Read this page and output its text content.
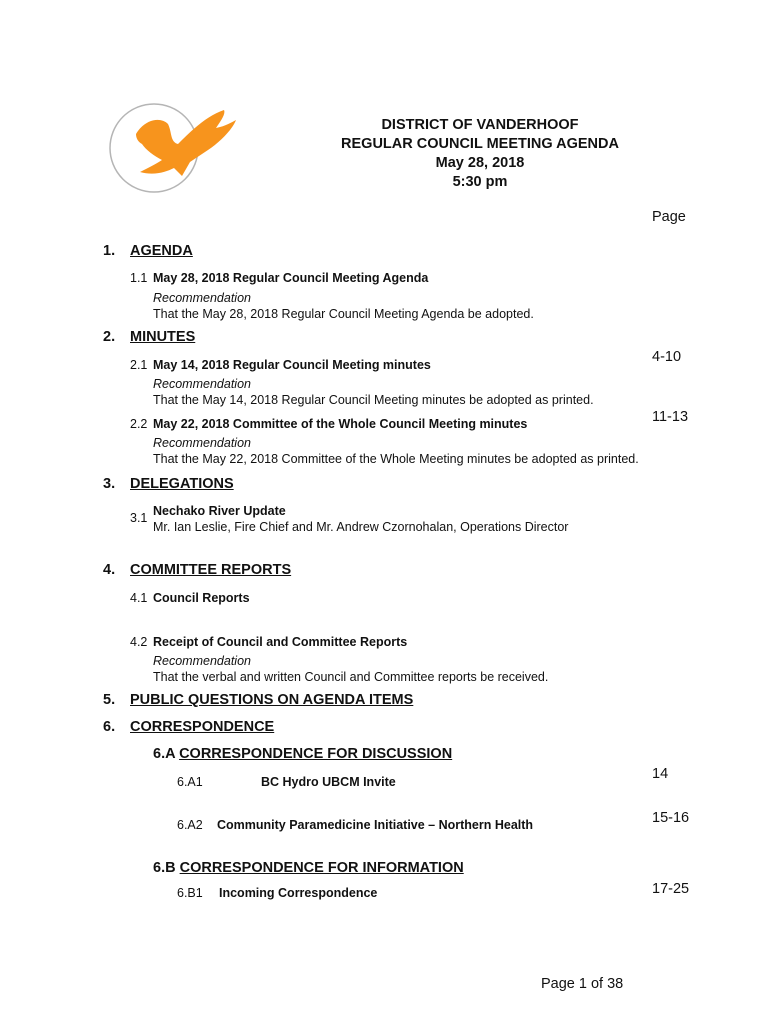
DISTRICT OF VANDERHOOF
REGULAR COUNCIL MEETING AGENDA
May 28, 2018
5:30 pm
Page
1. AGENDA
1.1 May 28, 2018 Regular Council Meeting Agenda
Recommendation
That the May 28, 2018 Regular Council Meeting Agenda be adopted.
2. MINUTES
2.1 May 14, 2018 Regular Council Meeting minutes	4-10
Recommendation
That the May 14, 2018 Regular Council Meeting minutes be adopted as printed.
2.2 May 22, 2018 Committee of the Whole Council Meeting minutes	11-13
Recommendation
That the May 22, 2018 Committee of the Whole Meeting minutes be adopted as printed.
3. DELEGATIONS
3.1 Nechako River Update
Mr. Ian Leslie, Fire Chief and Mr. Andrew Czornohalan, Operations Director
4. COMMITTEE REPORTS
4.1 Council Reports
4.2 Receipt of Council and Committee Reports
Recommendation
That the verbal and written Council and Committee reports be received.
5. PUBLIC QUESTIONS ON AGENDA ITEMS
6. CORRESPONDENCE
6.A CORRESPONDENCE FOR DISCUSSION
6.A1	BC Hydro UBCM Invite	14
6.A2 Community Paramedicine Initiative – Northern Health	15-16
6.B CORRESPONDENCE FOR INFORMATION
6.B1 Incoming Correspondence	17-25
Page 1 of 38
